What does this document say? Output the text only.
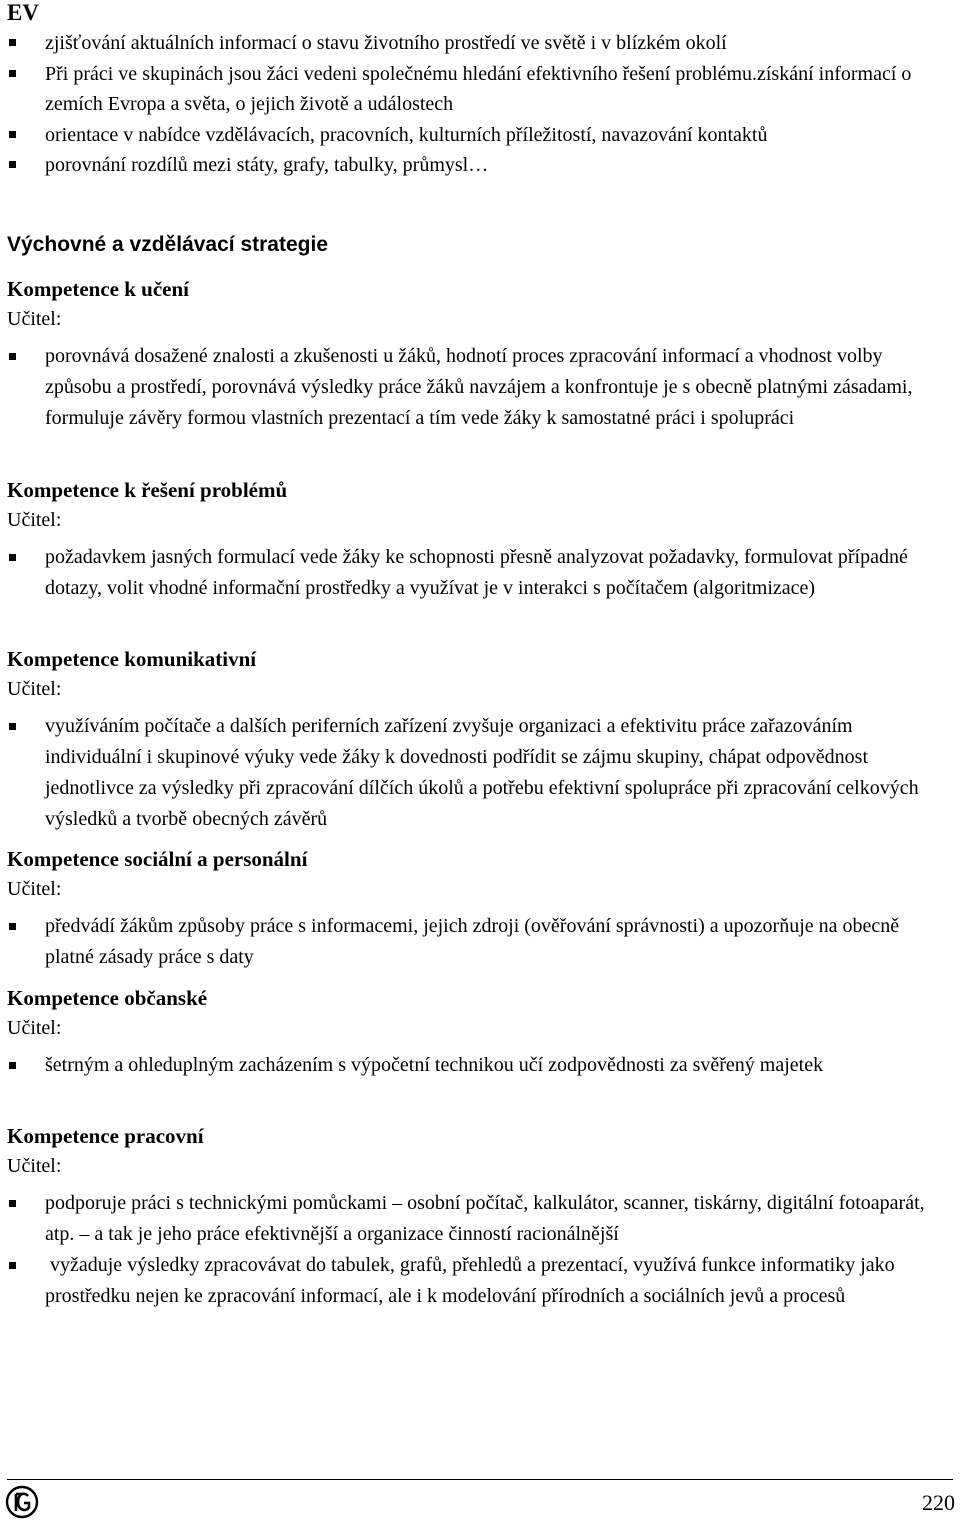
EV

zjišťování aktuálních informací o stavu životního prostředí ve světě i v blízkém okolí
Při práci ve skupinách jsou žáci vedeni společnému hledání efektivního řešení problému.získání informací o zemích Evropa a světa, o jejich životě a událostech
orientace v nabídce vzdělávacích, pracovních, kulturních příležitostí, navazování kontaktů
porovnání rozdílů mezi státy, grafy, tabulky, průmysl…
Výchovné a vzdělávací strategie
Kompetence k učení

Učitel:

porovnává dosažené znalosti a zkušenosti u žáků, hodnotí proces zpracování informací a vhodnost volby způsobu a prostředí, porovnává výsledky práce žáků navzájem a konfrontuje je s obecně platnými zásadami, formuluje závěry formou vlastních prezentací a tím vede žáky k samostatné práci i spolupráci
Kompetence k řešení problémů

Učitel:

požadavkem jasných formulací vede žáky ke schopnosti přesně analyzovat požadavky, formulovat případné dotazy, volit vhodné informační prostředky a využívat je v interakci s počítačem (algoritmizace)
Kompetence komunikativní

Učitel:

využíváním počítače a dalších periferních zařízení zvyšuje organizaci a efektivitu práce zařazováním individuální i skupinové výuky vede žáky k dovednosti podřídit se zájmu skupiny, chápat odpovědnost jednotlivce za výsledky při zpracování dílčích úkolů a potřebu efektivní spolupráce při zpracování celkových výsledků a tvorbě obecných závěrů
Kompetence sociální a personální

Učitel:

předvádí žákům způsoby práce s informacemi, jejich zdroji (ověřování správnosti) a upozorňuje na obecně platné zásady práce s daty
Kompetence občanské

Učitel:

šetrným a ohleduplným zacházením s výpočetní technikou učí zodpovědnosti za svěřený majetek
Kompetence pracovní

Učitel:

podporuje práci s technickými pomůckami – osobní počítač, kalkulátor, scanner, tiskárny, digitální fotoaparát, atp. – a tak je jeho práce efektivnější a organizace činností racionálnější
vyžaduje výsledky zpracovávat do tabulek, grafů, přehledů a prezentací, využívá funkce informatiky jako prostředku nejen ke zpracování informací, ale i k modelování přírodních a sociálních jevů a procesů
220
